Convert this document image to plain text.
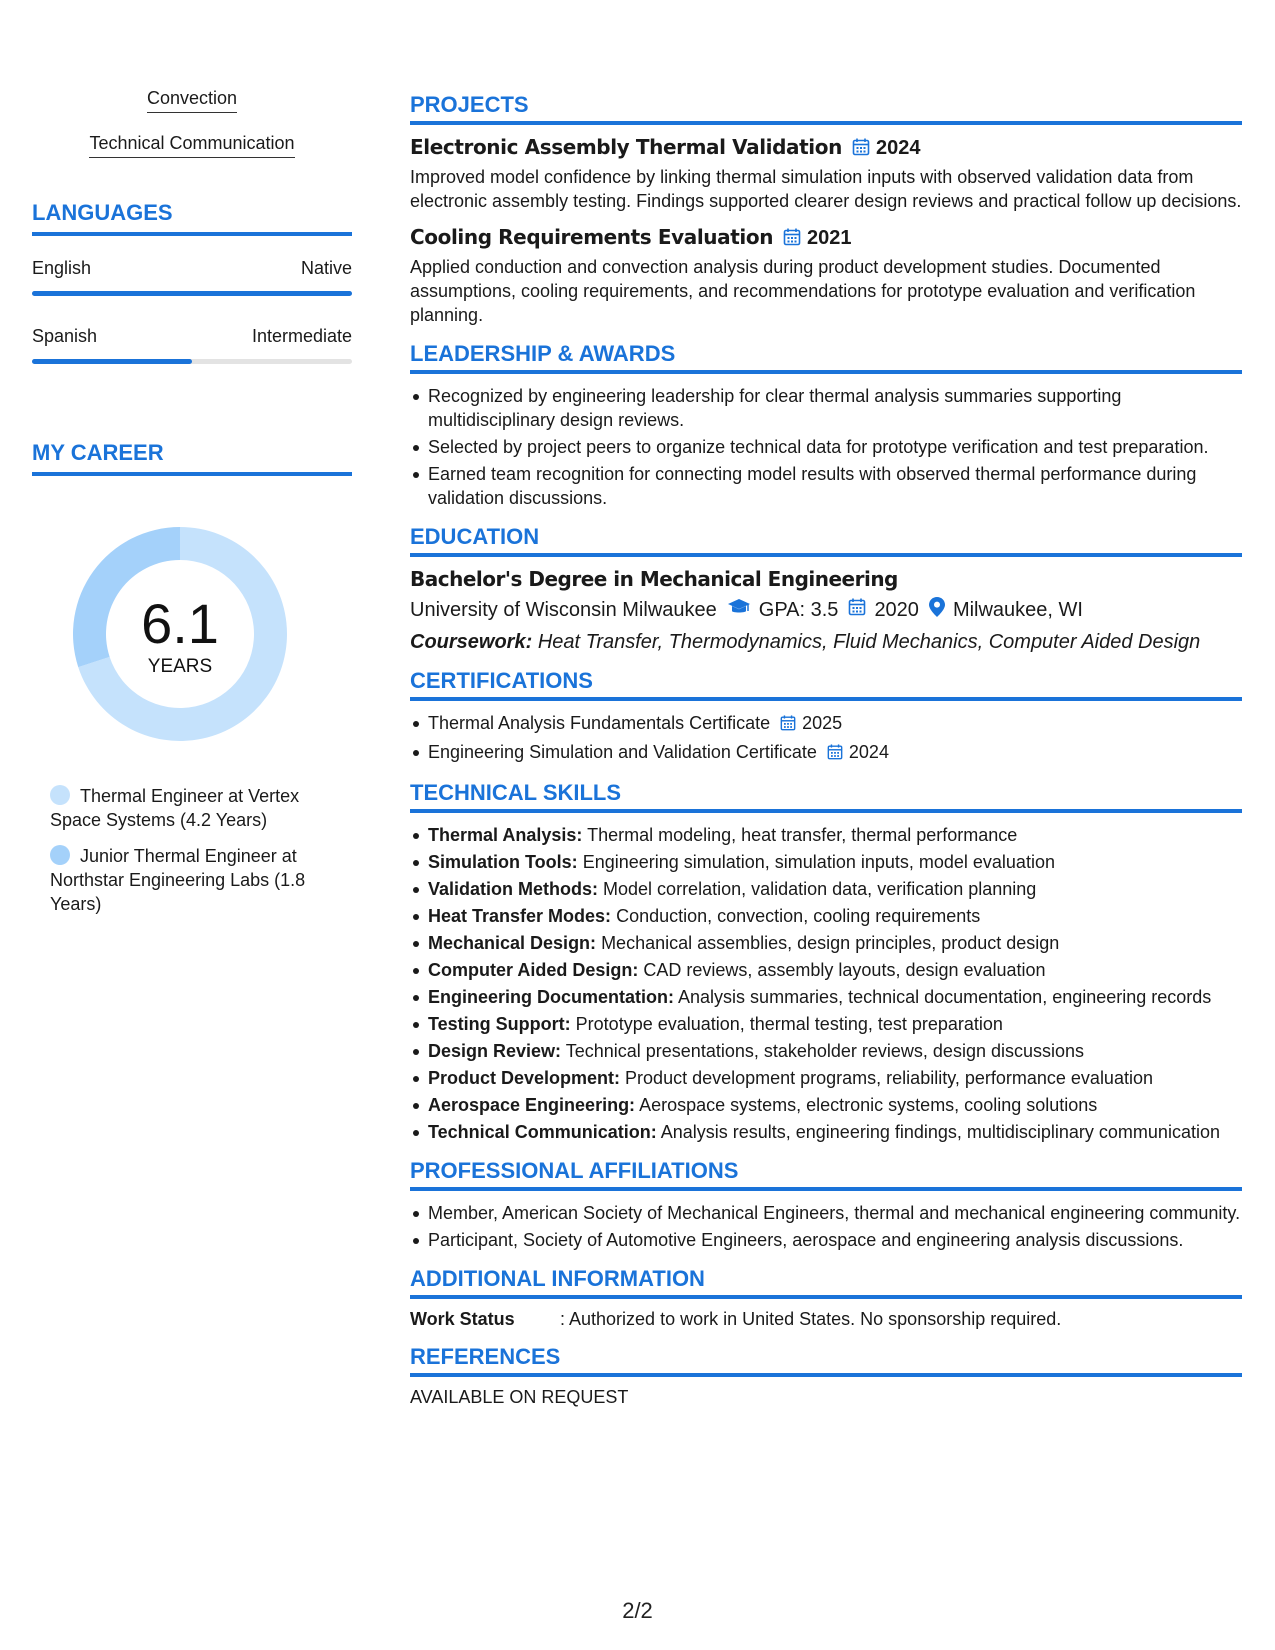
Convection
Technical Communication
LANGUAGES
English	Native
Spanish	Intermediate
MY CAREER
6.1
YEARS
Thermal Engineer at Vertex Space Systems (4.2 Years)
Junior Thermal Engineer at Northstar Engineering Labs (1.8 Years)
PROJECTS
Electronic Assembly Thermal Validation 2024
Improved model confidence by linking thermal simulation inputs with observed validation data from electronic assembly testing. Findings supported clearer design reviews and practical follow up decisions.
Cooling Requirements Evaluation 2021
Applied conduction and convection analysis during product development studies. Documented assumptions, cooling requirements, and recommendations for prototype evaluation and verification planning.
LEADERSHIP & AWARDS
Recognized by engineering leadership for clear thermal analysis summaries supporting multidisciplinary design reviews.
Selected by project peers to organize technical data for prototype verification and test preparation.
Earned team recognition for connecting model results with observed thermal performance during validation discussions.
EDUCATION
Bachelor's Degree in Mechanical Engineering
University of Wisconsin Milwaukee GPA: 3.5 2020 Milwaukee, WI
Coursework: Heat Transfer, Thermodynamics, Fluid Mechanics, Computer Aided Design
CERTIFICATIONS
Thermal Analysis Fundamentals Certificate 2025
Engineering Simulation and Validation Certificate 2024
TECHNICAL SKILLS
Thermal Analysis: Thermal modeling, heat transfer, thermal performance
Simulation Tools: Engineering simulation, simulation inputs, model evaluation
Validation Methods: Model correlation, validation data, verification planning
Heat Transfer Modes: Conduction, convection, cooling requirements
Mechanical Design: Mechanical assemblies, design principles, product design
Computer Aided Design: CAD reviews, assembly layouts, design evaluation
Engineering Documentation: Analysis summaries, technical documentation, engineering records
Testing Support: Prototype evaluation, thermal testing, test preparation
Design Review: Technical presentations, stakeholder reviews, design discussions
Product Development: Product development programs, reliability, performance evaluation
Aerospace Engineering: Aerospace systems, electronic systems, cooling solutions
Technical Communication: Analysis results, engineering findings, multidisciplinary communication
PROFESSIONAL AFFILIATIONS
Member, American Society of Mechanical Engineers, thermal and mechanical engineering community.
Participant, Society of Automotive Engineers, aerospace and engineering analysis discussions.
ADDITIONAL INFORMATION
Work Status	: Authorized to work in United States. No sponsorship required.
REFERENCES
AVAILABLE ON REQUEST
2/2
